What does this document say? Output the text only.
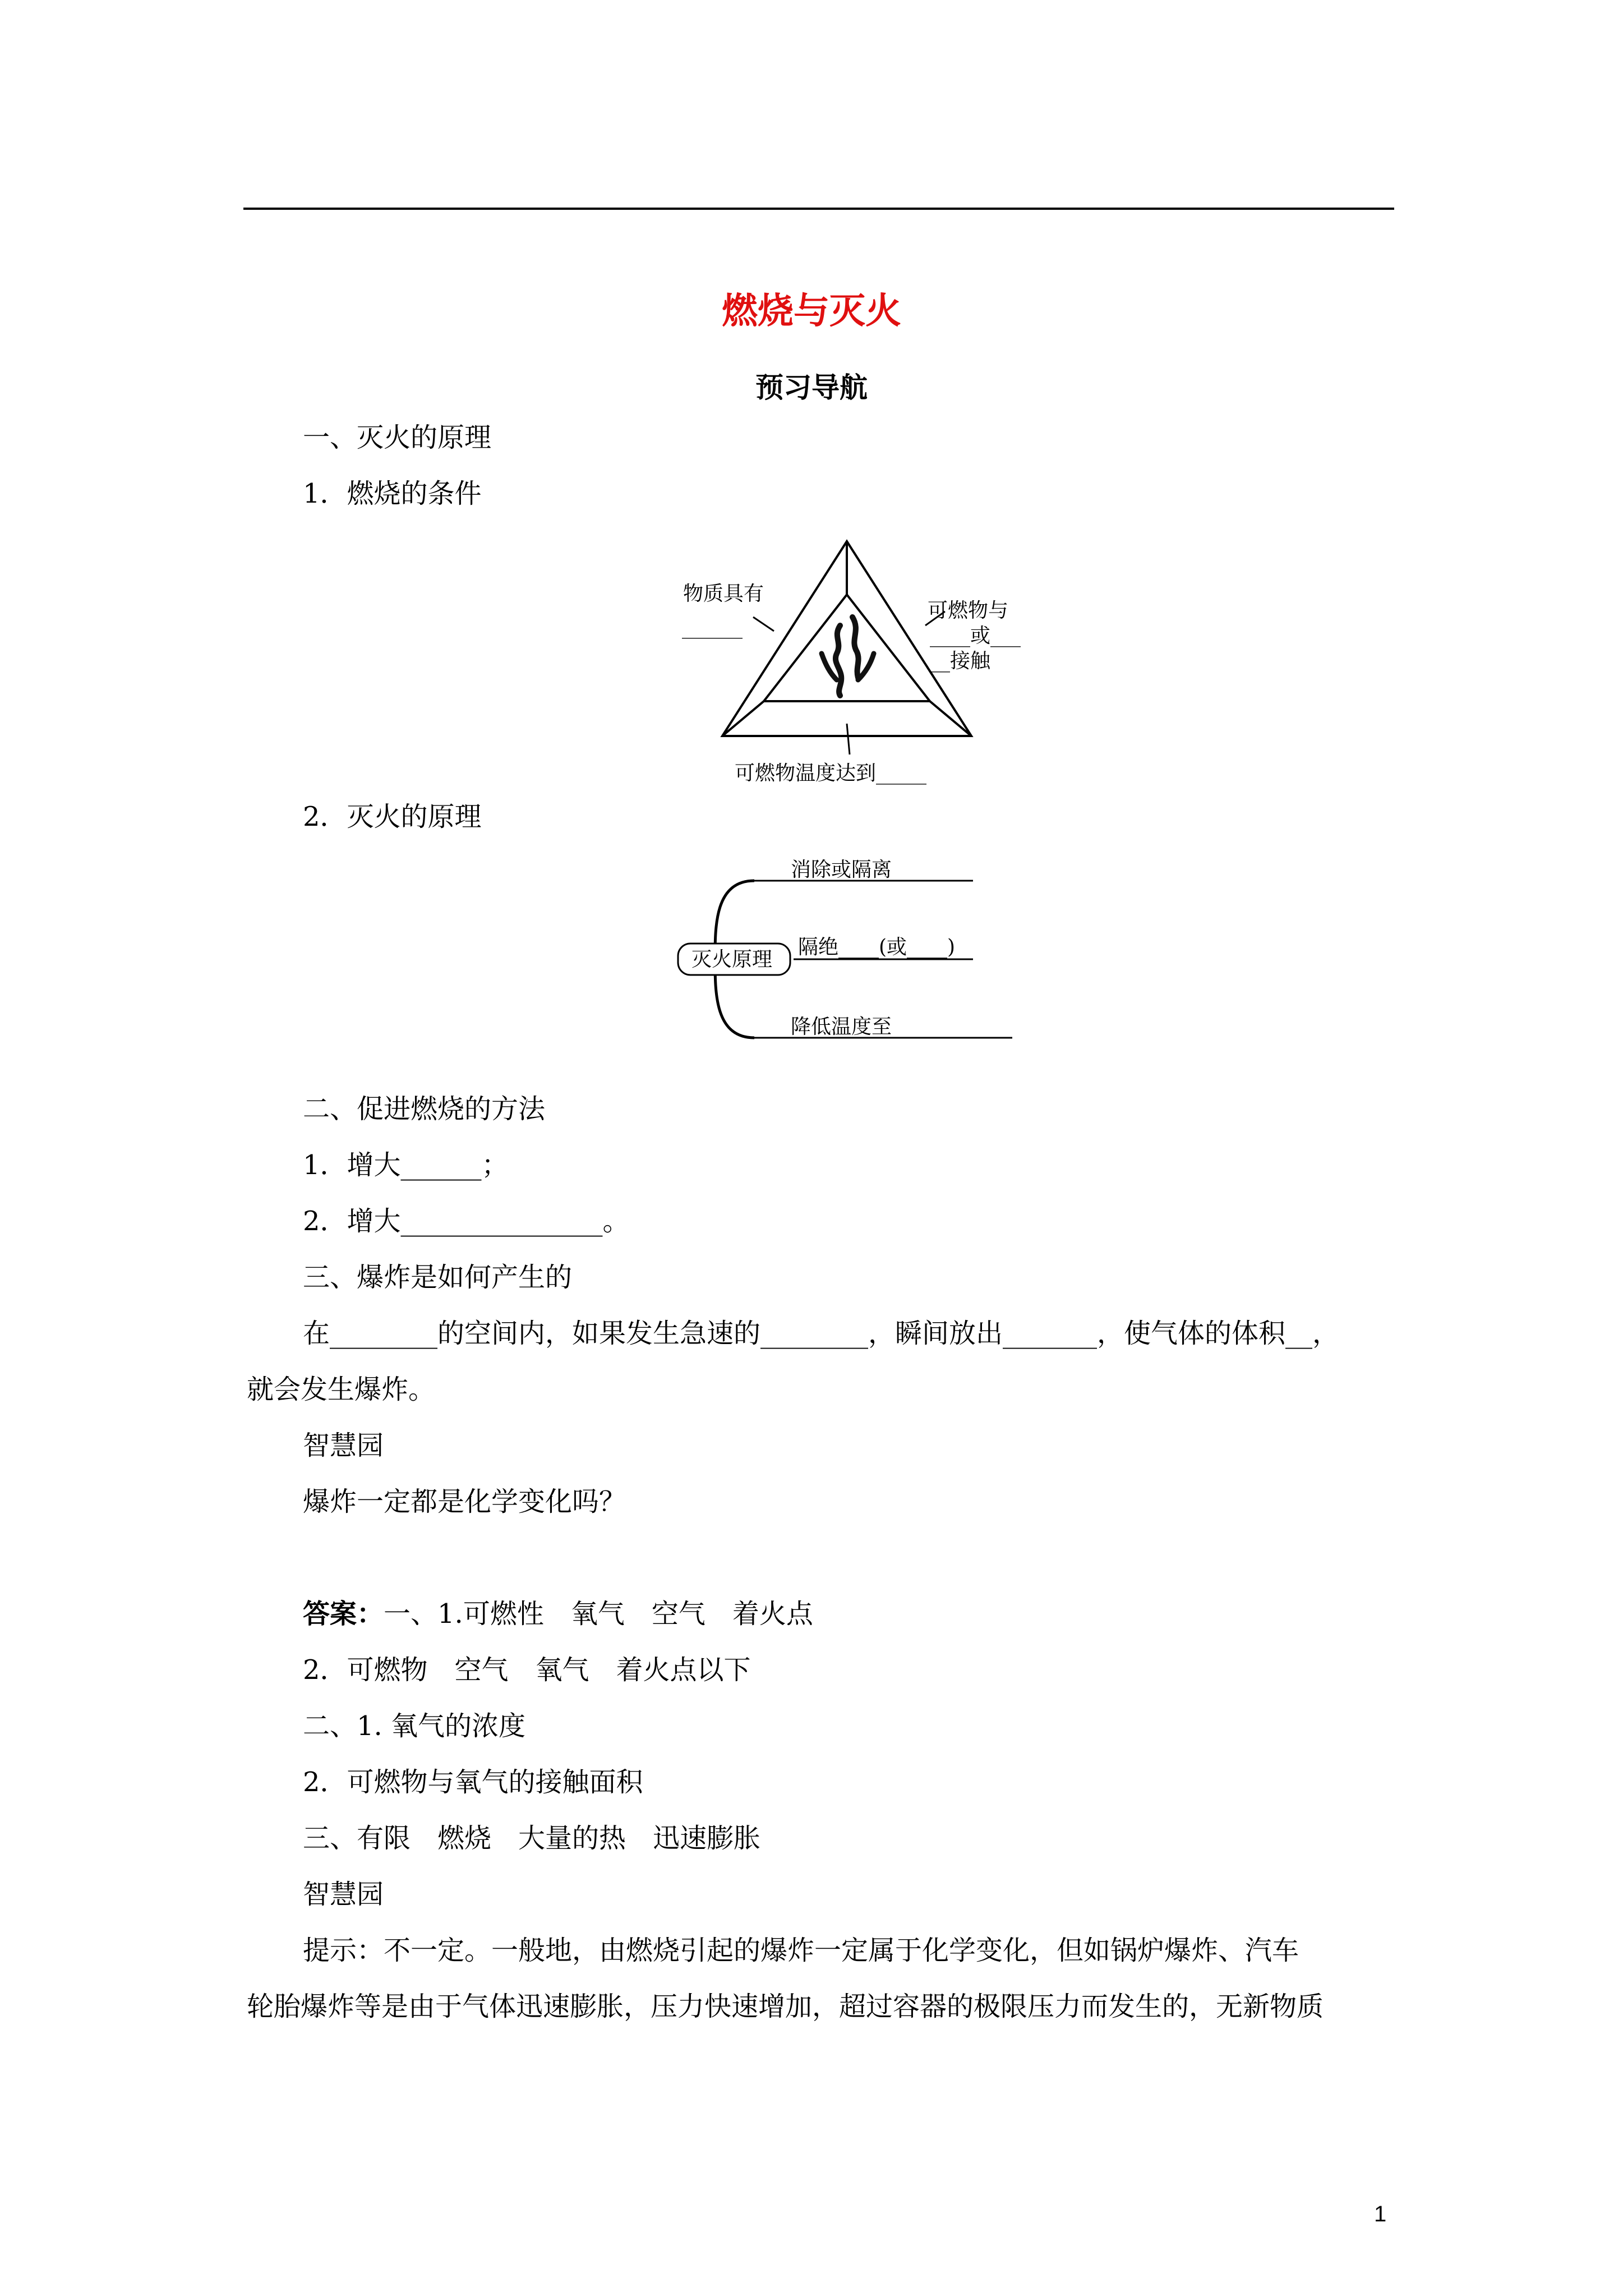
燃烧与灭火
预习导航
一、灭火的原理
1．燃烧的条件
物质具有
______
可燃物与
____或___
__接触
可燃物温度达到_____
2．灭火的原理
灭火原理
消除或隔离_____
隔绝____(或____)
降低温度至_________
二、促进燃烧的方法
1．增大______；
2．增大_______________。
三、爆炸是如何产生的
在________的空间内，如果发生急速的________，瞬间放出_______，使气体的体积__，
就会发生爆炸。
智慧园
爆炸一定都是化学变化吗？
答案：一、1.可燃性　氧气　空气　着火点
2．可燃物　空气　氧气　着火点以下
二、1. 氧气的浓度
2．可燃物与氧气的接触面积
三、有限　燃烧　大量的热　迅速膨胀
智慧园
提示：不一定。一般地，由燃烧引起的爆炸一定属于化学变化，但如锅炉爆炸、汽车
轮胎爆炸等是由于气体迅速膨胀，压力快速增加，超过容器的极限压力而发生的，无新物质
1
